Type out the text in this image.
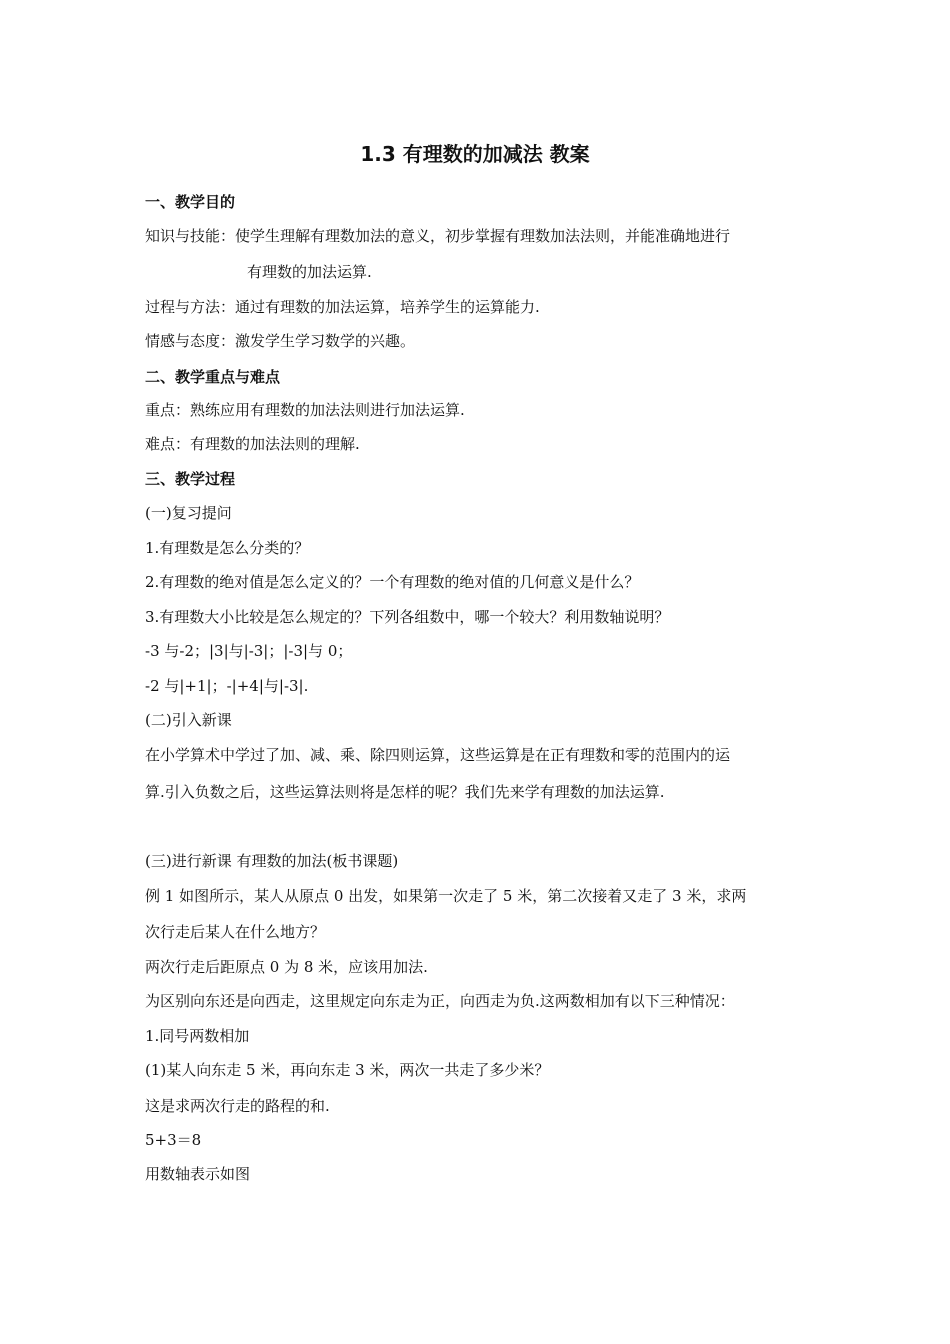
1.3 有理数的加减法 教案
一、教学目的
知识与技能：使学生理解有理数加法的意义，初步掌握有理数加法法则，并能准确地进行
有理数的加法运算.
过程与方法：通过有理数的加法运算，培养学生的运算能力.
情感与态度：激发学生学习数学的兴趣。
二、教学重点与难点
重点：熟练应用有理数的加法法则进行加法运算.
难点：有理数的加法法则的理解.
三、教学过程
(一)复习提问
1.有理数是怎么分类的？
2.有理数的绝对值是怎么定义的？一个有理数的绝对值的几何意义是什么？
3.有理数大小比较是怎么规定的？下列各组数中，哪一个较大？利用数轴说明？
-3 与-2；|3|与|-3|；|-3|与 0；
-2 与|+1|；-|+4|与|-3|.
(二)引入新课
在小学算术中学过了加、减、乘、除四则运算，这些运算是在正有理数和零的范围内的运
算.引入负数之后，这些运算法则将是怎样的呢？我们先来学有理数的加法运算.
(三)进行新课 有理数的加法(板书课题)
例 1 如图所示，某人从原点 0 出发，如果第一次走了 5 米，第二次接着又走了 3 米，求两
次行走后某人在什么地方？
两次行走后距原点 0 为 8 米，应该用加法.
为区别向东还是向西走，这里规定向东走为正，向西走为负.这两数相加有以下三种情况：
1.同号两数相加
(1)某人向东走 5 米，再向东走 3 米，两次一共走了多少米？
这是求两次行走的路程的和.
5+3＝8
用数轴表示如图
